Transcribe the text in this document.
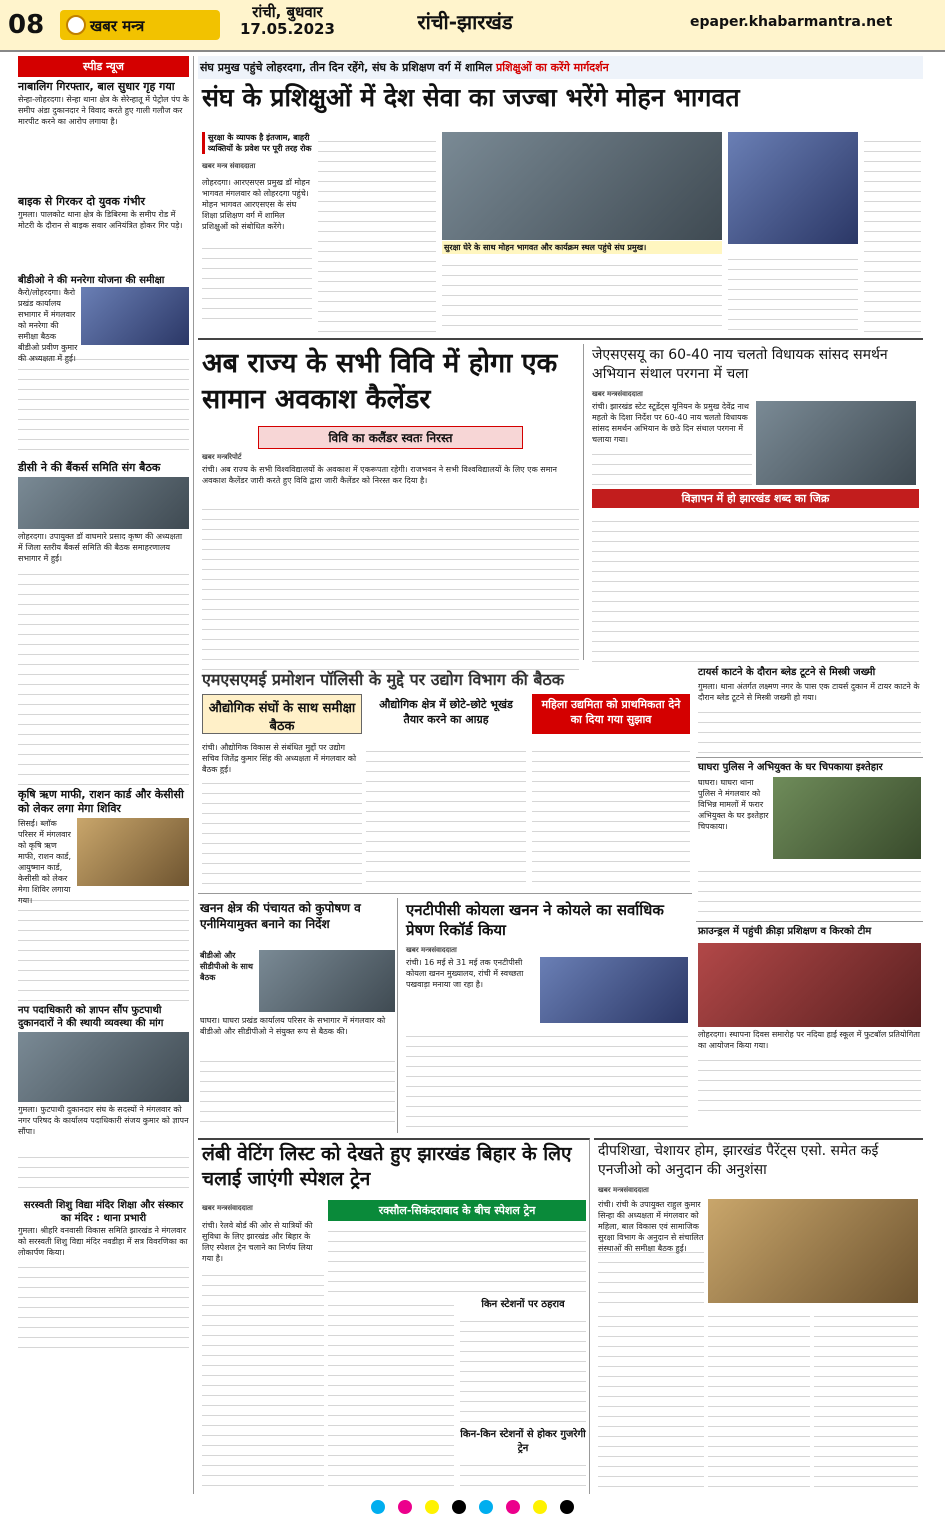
08	खबर मन्त्र
रांची, बुधवार
17.05.2023	रांची-झारखंड	epaper.khabarmantra.net
स्पीड न्यूज
नाबालिग गिरफ्तार, बाल सुधार गृह गया
सेन्हा-लोहरदगा। सेन्हा थाना क्षेत्र के सेरेन्हातू में पेट्रोल पंप के समीप अंडा दुकानदार ने विवाद करते हुए गाली गलौज कर मारपीट करने का आरोप लगाया है।
बाइक से गिरकर दो युवक गंभीर
गुमला। पालकोट थाना क्षेत्र के डिबिरमा के समीप रोड में मोटरी के दौरान से बाइक सवार अनियंत्रित होकर गिर पड़े।
बीडीओ ने की मनरेगा योजना की समीक्षा
कैरो/लोहरदगा। कैरो प्रखंड कार्यालय सभागार में मंगलवार को मनरेगा की समीक्षा बैठक बीडीओ प्रवीण कुमार की अध्यक्षता में हुई।
डीसी ने की बैंकर्स समिति संग बैठक
लोहरदगा। उपायुक्त डॉ वाघमारे प्रसाद कृष्ण की अध्यक्षता में जिला स्तरीय बैंकर्स समिति की बैठक समाहरणालय सभागार में हुई।
कृषि ऋण माफी, राशन कार्ड और केसीसी को लेकर लगा मेगा शिविर
सिसई। ब्लॉक परिसर में मंगलवार को कृषि ऋण माफी, राशन कार्ड, आयुष्मान कार्ड, केसीसी को लेकर मेगा शिविर लगाया गया।
नप पदाधिकारी को ज्ञापन सौंप फुटपाथी दुकानदारों ने की स्थायी व्यवस्था की मांग
गुमला। फुटपाथी दुकानदार संघ के सदस्यों ने मंगलवार को नगर परिषद के कार्यालय पदाधिकारी संजय कुमार को ज्ञापन सौंपा।
सरस्वती शिशु विद्या मंदिर शिक्षा और संस्कार का मंदिर : थाना प्रभारी
गुमला। श्रीहरि वनवासी विकास समिति झारखंड ने मंगलवार को सरस्वती शिशु विद्या मंदिर नवडीहा में सत्र विवरणिका का लोकार्पण किया।
संघ प्रमुख पहुंचे लोहरदगा, तीन दिन रहेंगे, संघ के प्रशिक्षण वर्ग में शामिल प्रशिक्षुओं का करेंगे मार्गदर्शन
संघ के प्रशिक्षुओं में देश सेवा का जज्बा भरेंगे मोहन भागवत
सुरक्षा के व्यापक है इंतजाम, बाहरी व्यक्तियों के प्रवेश पर पूरी तरह रोक
खबर मन्त्र संवाददाता
लोहरदगा। आरएसएस प्रमुख डॉ मोहन भागवत मंगलवार को लोहरदगा पहुंचे। मोहन भागवत आरएसएस के संघ शिक्षा प्रशिक्षण वर्ग में शामिल प्रशिक्षुओं को संबोधित करेंगे।
सुरक्षा घेरे के साथ मोहन भागवत और कार्यक्रम स्थल पहुंचे संघ प्रमुख।
अब राज्य के सभी विवि में होगा एक सामान अवकाश कैलेंडर
विवि का कलैंडर स्वतः निरस्त
खबर मन्त्ररिपोर्ट
रांची। अब राज्य के सभी विश्वविद्यालयों के अवकाश में एकरूपता रहेगी। राजभवन ने सभी विश्वविद्यालयों के लिए एक समान अवकाश कैलेंडर जारी करते हुए विवि द्वारा जारी कैलेंडर को निरस्त कर दिया है।
जेएसएसयू का 60-40 नाय चलतो विधायक सांसद समर्थन अभियान संथाल परगना में चला
खबर मन्त्रसंवाददाता
रांची। झारखंड स्टेट स्टूडेंट्स यूनियन के प्रमुख देवेंद्र नाथ महतो के दिशा निर्देश पर 60-40 नाय चलतो विधायक सांसद समर्थन अभियान के छठे दिन संथाल परगना में चलाया गया।
विज्ञापन में हो झारखंड शब्द का जिक्र
एमएसएमई प्रमोशन पॉलिसी के मुद्दे पर उद्योग विभाग की बैठक
औद्योगिक संघों के साथ समीक्षा बैठक
औद्योगिक क्षेत्र में छोटे-छोटे भूखंड तैयार करने का आग्रह
महिला उद्यमिता को प्राथमिकता देने का दिया गया सुझाव
रांची। औद्योगिक विकास से संबंधित मुद्दों पर उद्योग सचिव जितेंद्र कुमार सिंह की अध्यक्षता में मंगलवार को बैठक हुई।
खनन क्षेत्र की पंचायत को कुपोषण व एनीमियामुक्त बनाने का निर्देश
बीडीओ और सीडीपीओ के साथ बैठक
घाघरा। घाघरा प्रखंड कार्यालय परिसर के सभागार में मंगलवार को बीडीओ और सीडीपीओ ने संयुक्त रूप से बैठक की।
एनटीपीसी कोयला खनन ने कोयले का सर्वाधिक प्रेषण रिकॉर्ड किया
खबर मन्त्रसंवाददाता
रांची। 16 मई से 31 मई तक एनटीपीसी कोयला खनन मुख्यालय, रांची में स्वच्छता पखवाड़ा मनाया जा रहा है।
टायर्स काटने के दौरान ब्लेड टूटने से मिस्त्री जख्मी
गुमला। थाना अंतर्गत लक्ष्मण नगर के पास एक टायर्स दुकान में टायर काटने के दौरान ब्लेड टूटने से मिस्त्री जख्मी हो गया।
घाघरा पुलिस ने अभियुक्त के घर चिपकाया इश्तेहार
घाघरा। घाघरा थाना पुलिस ने मंगलवार को विभिन्न मामलों में फरार अभियुक्त के घर इश्तेहार चिपकाया।
फ्राउन्ड्रल में पहुंची क्रीड़ा प्रशिक्षण व किरको टीम
लोहरदगा। स्थापना दिवस समारोह पर नदिया हाई स्कूल में फुटबॉल प्रतियोगिता का आयोजन किया गया।
लंबी वेटिंग लिस्ट को देखते हुए झारखंड बिहार के लिए चलाई जाएंगी स्पेशल ट्रेन
खबर मन्त्रसंवाददाता	रक्सौल-सिकंदराबाद के बीच स्पेशल ट्रेन
रांची। रेलवे बोर्ड की ओर से यात्रियों की सुविधा के लिए झारखंड और बिहार के लिए स्पेशल ट्रेन चलाने का निर्णय लिया गया है।
किन स्टेशनों पर ठहराव
किन-किन स्टेशनों से होकर गुजरेगी ट्रेन
दीपशिखा, चेशायर होम, झारखंड पैरेंट्स एसो. समेत कई एनजीओ को अनुदान की अनुशंसा
खबर मन्त्रसंवाददाता
रांची। रांची के उपायुक्त राहुल कुमार सिन्हा की अध्यक्षता में मंगलवार को महिला, बाल विकास एवं सामाजिक सुरक्षा विभाग के अनुदान से संचालित संस्थाओं की समीक्षा बैठक हुई।
